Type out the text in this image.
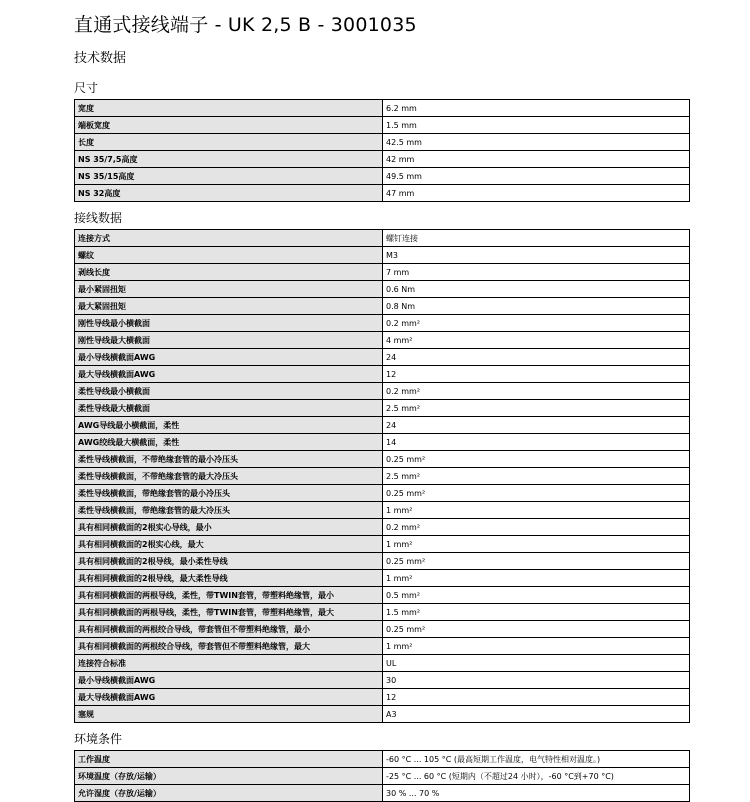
直通式接线端子 - UK 2,5 B - 3001035
技术数据
尺寸
宽度	6.2 mm
端板宽度	1.5 mm
长度	42.5 mm
NS 35/7,5高度	42 mm
NS 35/15高度	49.5 mm
NS 32高度	47 mm
接线数据
连接方式	螺钉连接
螺纹	M3
剥线长度	7 mm
最小紧固扭矩	0.6 Nm
最大紧固扭矩	0.8 Nm
刚性导线最小横截面	0.2 mm²
刚性导线最大横截面	4 mm²
最小导线横截面AWG	24
最大导线横截面AWG	12
柔性导线最小横截面	0.2 mm²
柔性导线最大横截面	2.5 mm²
AWG导线最小横截面，柔性	24
AWG绞线最大横截面，柔性	14
柔性导线横截面，不带绝缘套管的最小冷压头	0.25 mm²
柔性导线横截面，不带绝缘套管的最大冷压头	2.5 mm²
柔性导线横截面，带绝缘套管的最小冷压头	0.25 mm²
柔性导线横截面，带绝缘套管的最大冷压头	1 mm²
具有相同横截面的2根实心导线，最小	0.2 mm²
具有相同横截面的2根实心线，最大	1 mm²
具有相同横截面的2根导线，最小柔性导线	0.25 mm²
具有相同横截面的2根导线，最大柔性导线	1 mm²
具有相同横截面的两根导线，柔性，带TWIN套管，带塑料绝缘管，最小	0.5 mm²
具有相同横截面的两根导线，柔性，带TWIN套管，带塑料绝缘管，最大	1.5 mm²
具有相同横截面的两根绞合导线，带套管但不带塑料绝缘管，最小	0.25 mm²
具有相同横截面的两根绞合导线，带套管但不带塑料绝缘管，最大	1 mm²
连接符合标准	UL
最小导线横截面AWG	30
最大导线横截面AWG	12
塞规	A3
环境条件
工作温度	-60 °C ... 105 °C (最高短期工作温度，电气特性相对温度。)
环境温度（存放/运输）	-25 °C ... 60 °C (短期内（不超过24 小时），-60 °C到+70 °C)
允许湿度（存放/运输）	30 % ... 70 %
